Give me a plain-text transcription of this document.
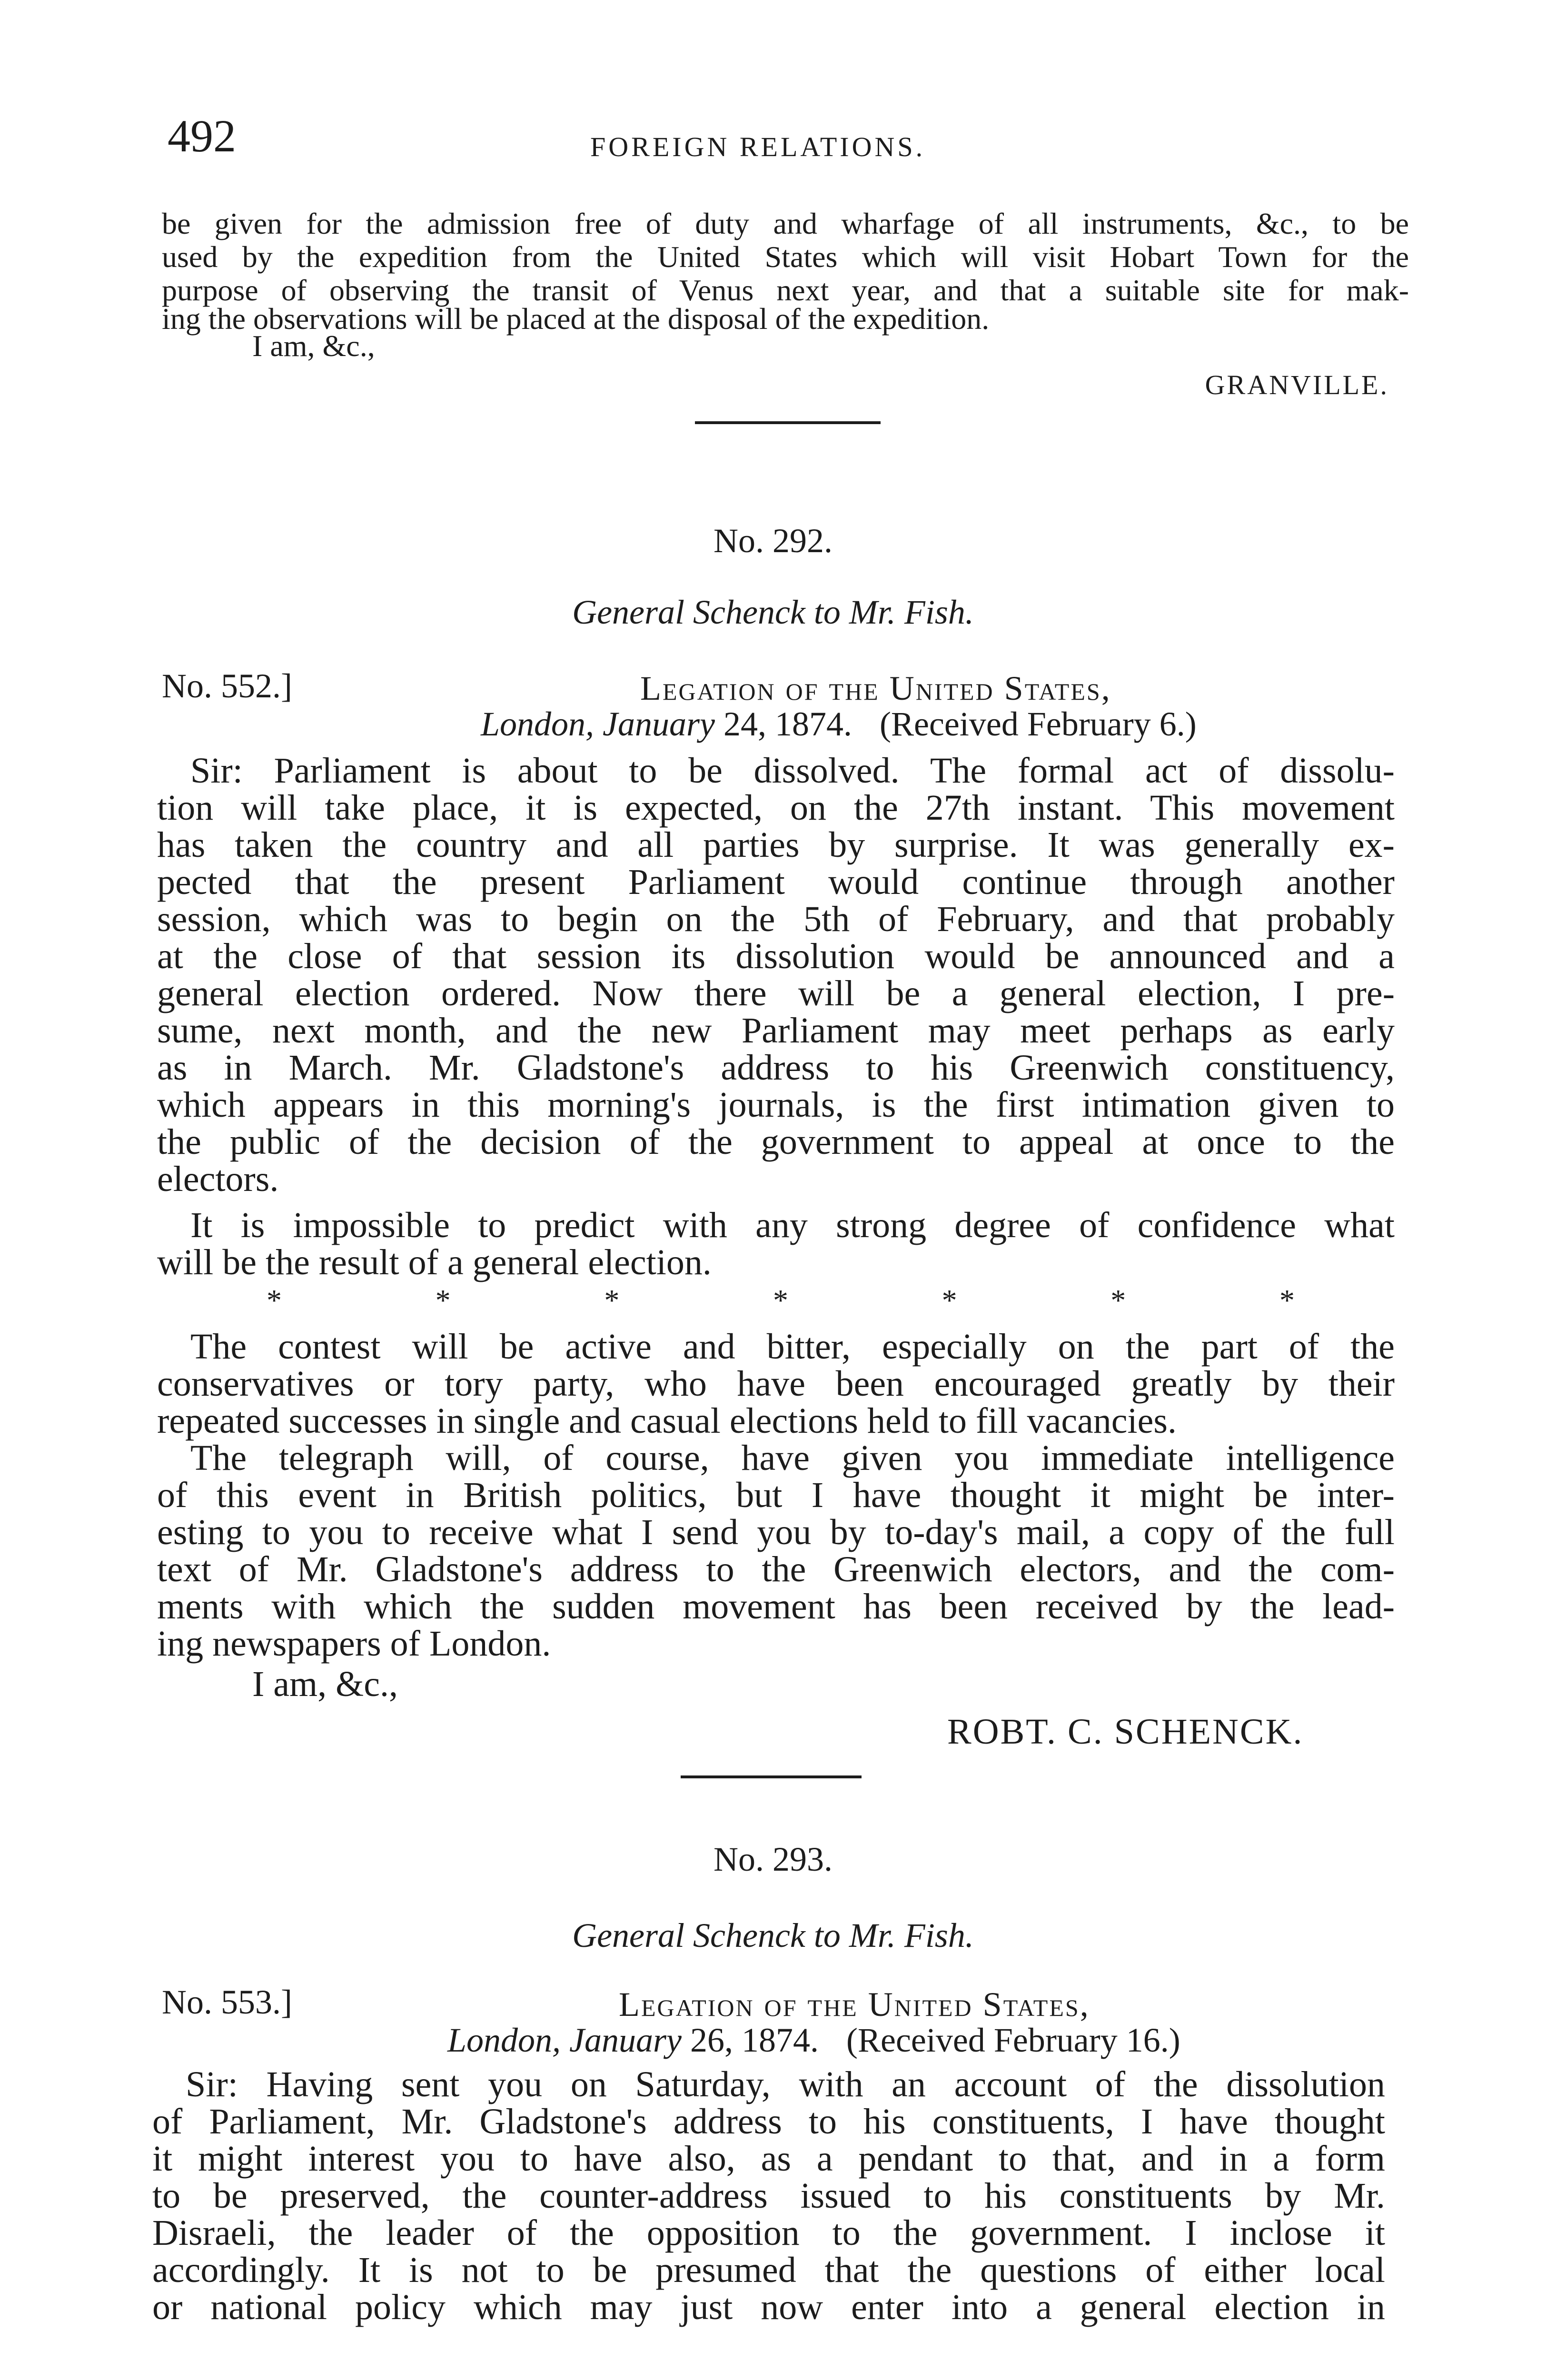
492	FOREIGN RELATIONS.
be given for the admission free of duty and wharfage of all instruments, &c., to be
used by the expedition from the United States which will visit Hobart Town for the
purpose of observing the transit of Venus next year, and that a suitable site for mak-
ing the observations will be placed at the disposal of the expedition.
I am, &c.,
GRANVILLE.
No. 292.
General Schenck to Mr. Fish.
No. 552.]	Legation of the United States,
London, January 24, 1874. (Received February 6.)
Sir: Parliament is about to be dissolved. The formal act of dissolu-
tion will take place, it is expected, on the 27th instant. This movement
has taken the country and all parties by surprise. It was generally ex-
pected that the present Parliament would continue through another
session, which was to begin on the 5th of February, and that probably
at the close of that session its dissolution would be announced and a
general election ordered. Now there will be a general election, I pre-
sume, next month, and the new Parliament may meet perhaps as early
as in March. Mr. Gladstone's address to his Greenwich constituency,
which appears in this morning's journals, is the first intimation given to
the public of the decision of the government to appeal at once to the
electors.
It is impossible to predict with any strong degree of confidence what
will be the result of a general election.
*	*	*	*	*	*	*
The contest will be active and bitter, especially on the part of the
conservatives or tory party, who have been encouraged greatly by their
repeated successes in single and casual elections held to fill vacancies.
The telegraph will, of course, have given you immediate intelligence
of this event in British politics, but I have thought it might be inter-
esting to you to receive what I send you by to-day's mail, a copy of the full
text of Mr. Gladstone's address to the Greenwich electors, and the com-
ments with which the sudden movement has been received by the lead-
ing newspapers of London.
I am, &c.,
ROBT. C. SCHENCK.
No. 293.
General Schenck to Mr. Fish.
No. 553.]	Legation of the United States,
London, January 26, 1874. (Received February 16.)
Sir: Having sent you on Saturday, with an account of the dissolution
of Parliament, Mr. Gladstone's address to his constituents, I have thought
it might interest you to have also, as a pendant to that, and in a form
to be preserved, the counter-address issued to his constituents by Mr.
Disraeli, the leader of the opposition to the government. I inclose it
accordingly. It is not to be presumed that the questions of either local
or national policy which may just now enter into a general election in
